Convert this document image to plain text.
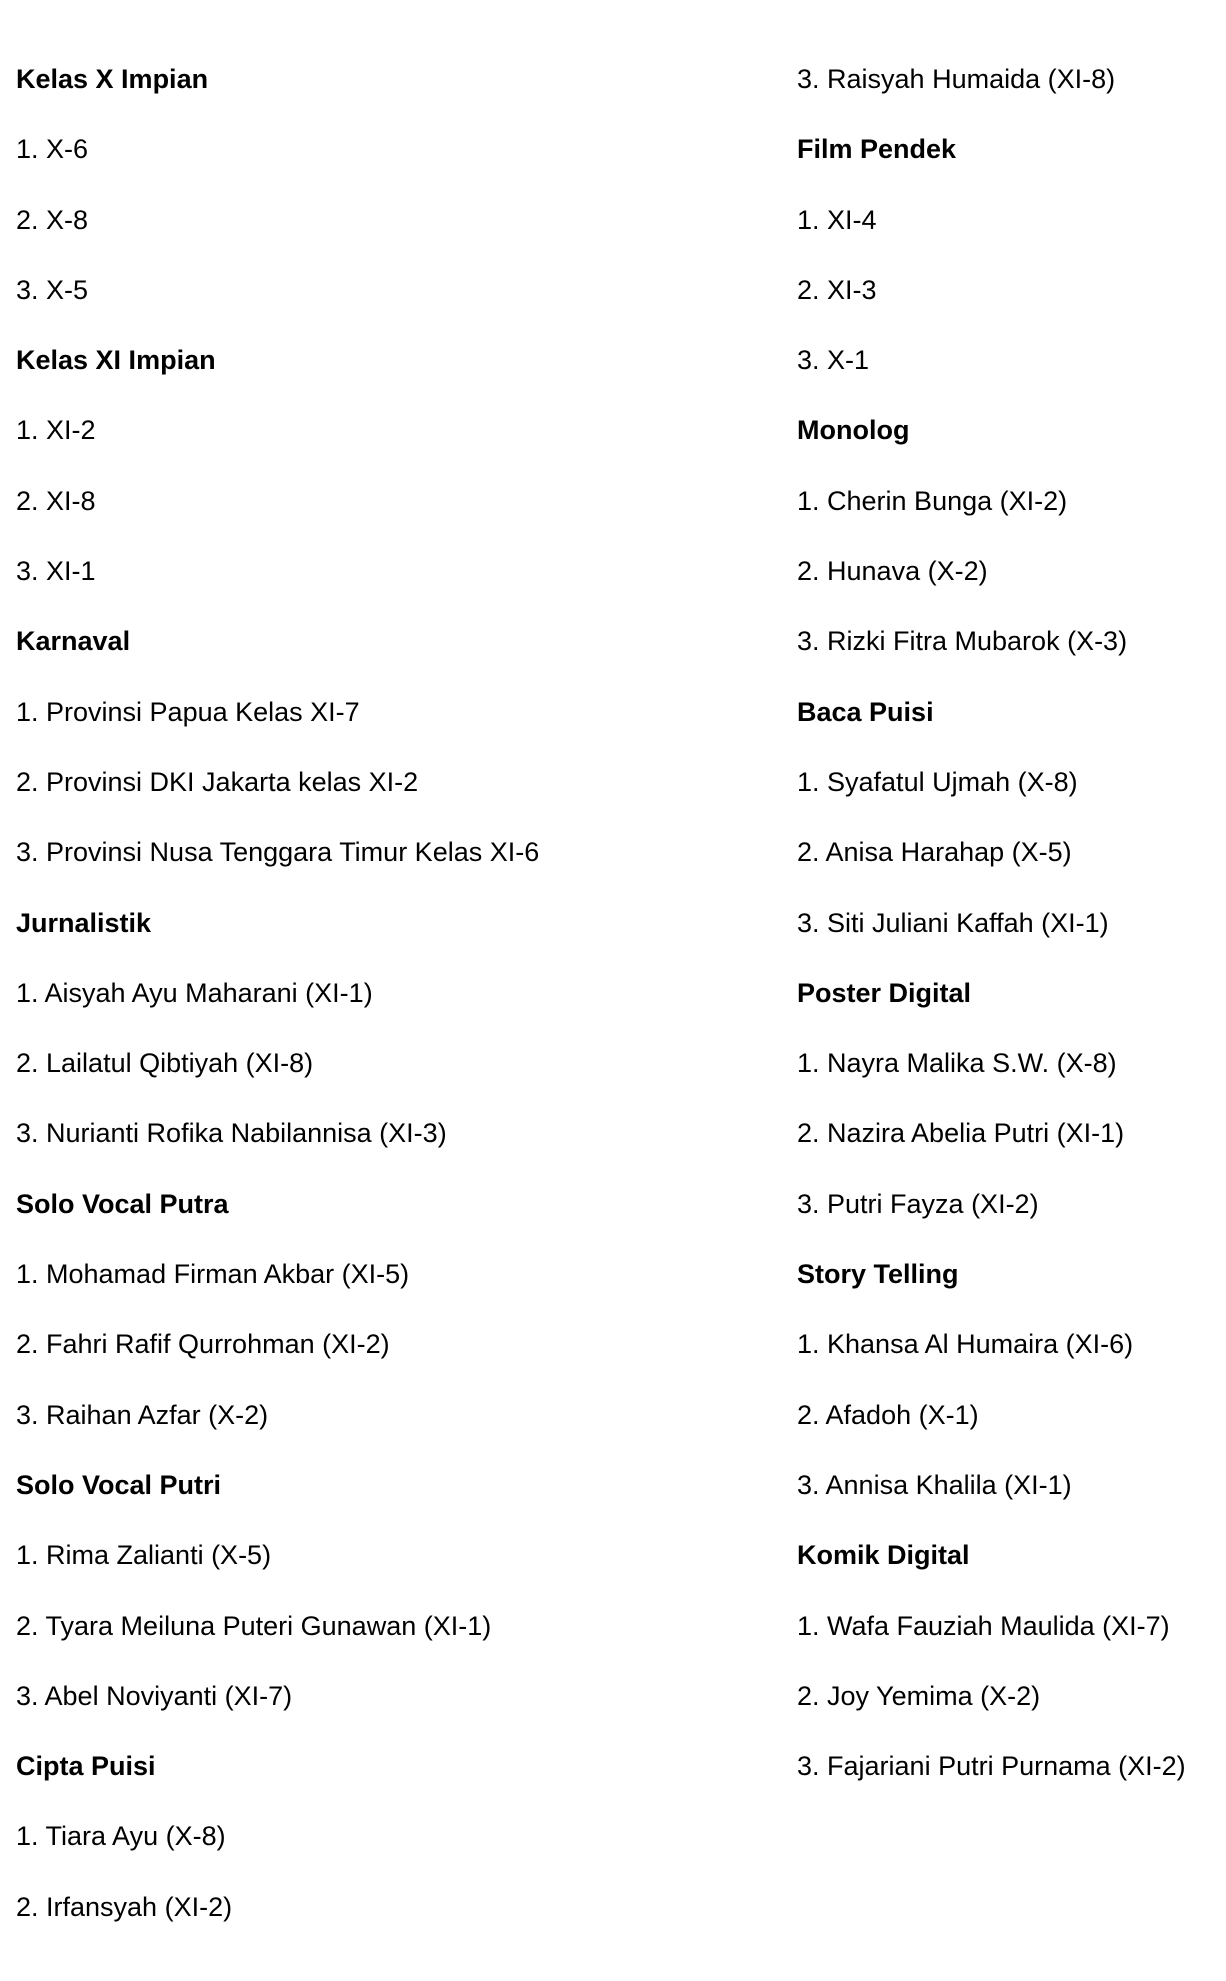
Kelas X Impian
1. X-6
2. X-8
3. X-5
Kelas XI Impian
1. XI-2
2. XI-8
3. XI-1
Karnaval
1. Provinsi Papua Kelas XI-7
2. Provinsi DKI Jakarta kelas XI-2
3. Provinsi Nusa Tenggara Timur Kelas XI-6
Jurnalistik
1. Aisyah Ayu Maharani (XI-1)
2. Lailatul Qibtiyah (XI-8)
3. Nurianti Rofika Nabilannisa (XI-3)
Solo Vocal Putra
1. Mohamad Firman Akbar (XI-5)
2. Fahri Rafif Qurrohman (XI-2)
3. Raihan Azfar (X-2)
Solo Vocal Putri
1. Rima Zalianti (X-5)
2. Tyara Meiluna Puteri Gunawan (XI-1)
3. Abel Noviyanti (XI-7)
Cipta Puisi
1. Tiara Ayu (X-8)
2. Irfansyah (XI-2)
3. Raisyah Humaida (XI-8)
Film Pendek
1. XI-4
2. XI-3
3. X-1
Monolog
1. Cherin Bunga (XI-2)
2. Hunava (X-2)
3. Rizki Fitra Mubarok (X-3)
Baca Puisi
1. Syafatul Ujmah (X-8)
2. Anisa Harahap (X-5)
3. Siti Juliani Kaffah (XI-1)
Poster Digital
1. Nayra Malika S.W. (X-8)
2. Nazira Abelia Putri (XI-1)
3. Putri Fayza (XI-2)
Story Telling
1. Khansa Al Humaira (XI-6)
2. Afadoh (X-1)
3. Annisa Khalila (XI-1)
Komik Digital
1. Wafa Fauziah Maulida (XI-7)
2. Joy Yemima (X-2)
3. Fajariani Putri Purnama (XI-2)
